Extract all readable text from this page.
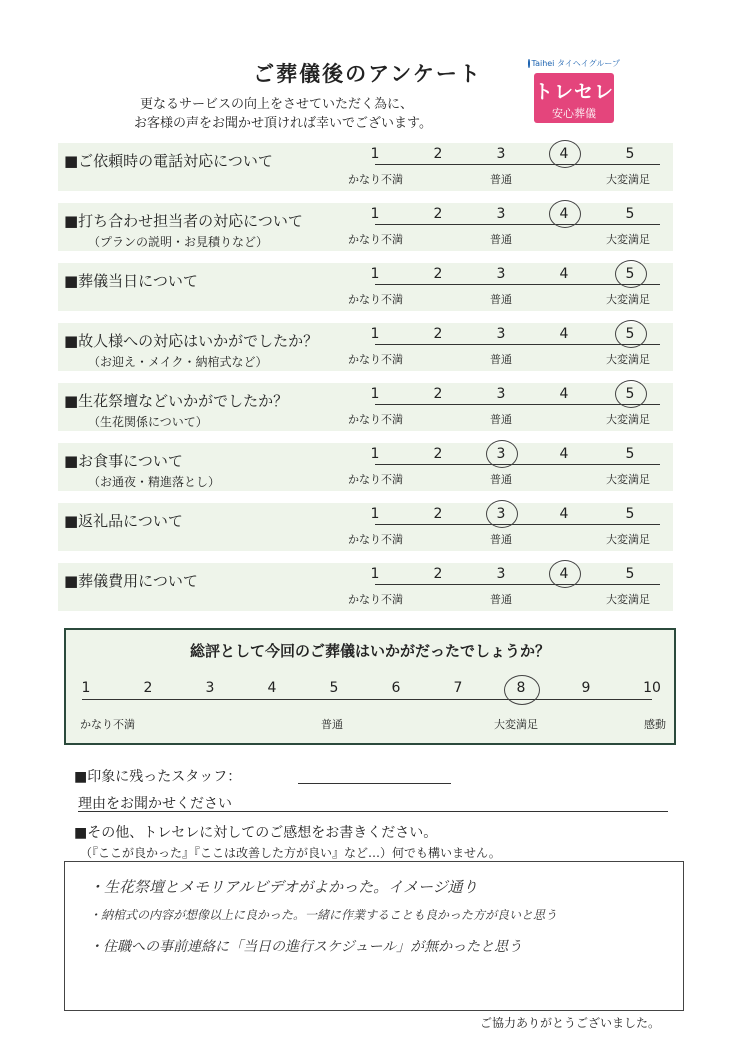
ご葬儀後のアンケート
更なるサービスの向上をさせていただく為に、
お客様の声をお聞かせ頂ければ幸いでございます。
Taihei タイヘイグループ
トレセレ
安心葬儀
■ご依頼時の電話対応について	1	2	3	4	5
かなり不満	普通	大変満足
■打ち合わせ担当者の対応について
（プランの説明・お見積りなど）
1	2	3	4	5
かなり不満	普通	大変満足
■葬儀当日について	1	2	3	4	5
かなり不満	普通	大変満足
■故人様への対応はいかがでしたか？
（お迎え・メイク・納棺式など）
1	2	3	4	5
かなり不満	普通	大変満足
■生花祭壇などいかがでしたか？
（生花関係について）
1	2	3	4	5
かなり不満	普通	大変満足
■お食事について
（お通夜・精進落とし）
1	2	3	4	5
かなり不満	普通	大変満足
■返礼品について	1	2	3	4	5
かなり不満	普通	大変満足
■葬儀費用について	1	2	3	4	5
かなり不満	普通	大変満足
総評として今回のご葬儀はいかがだったでしょうか？
1	2	3	4	5	6	7	8	9	10
かなり不満	普通	大変満足	感動
■印象に残ったスタッフ：
理由をお聞かせください
■その他、トレセレに対してのご感想をお書きください。
（『ここが良かった』『ここは改善した方が良い』など…）何でも構いません。
・生花祭壇とメモリアルビデオがよかった。イメージ通り
・納棺式の内容が想像以上に良かった。一緒に作業することも良かった方が良いと思う
・住職への事前連絡に「当日の進行スケジュール」が無かったと思う
ご協力ありがとうございました。
